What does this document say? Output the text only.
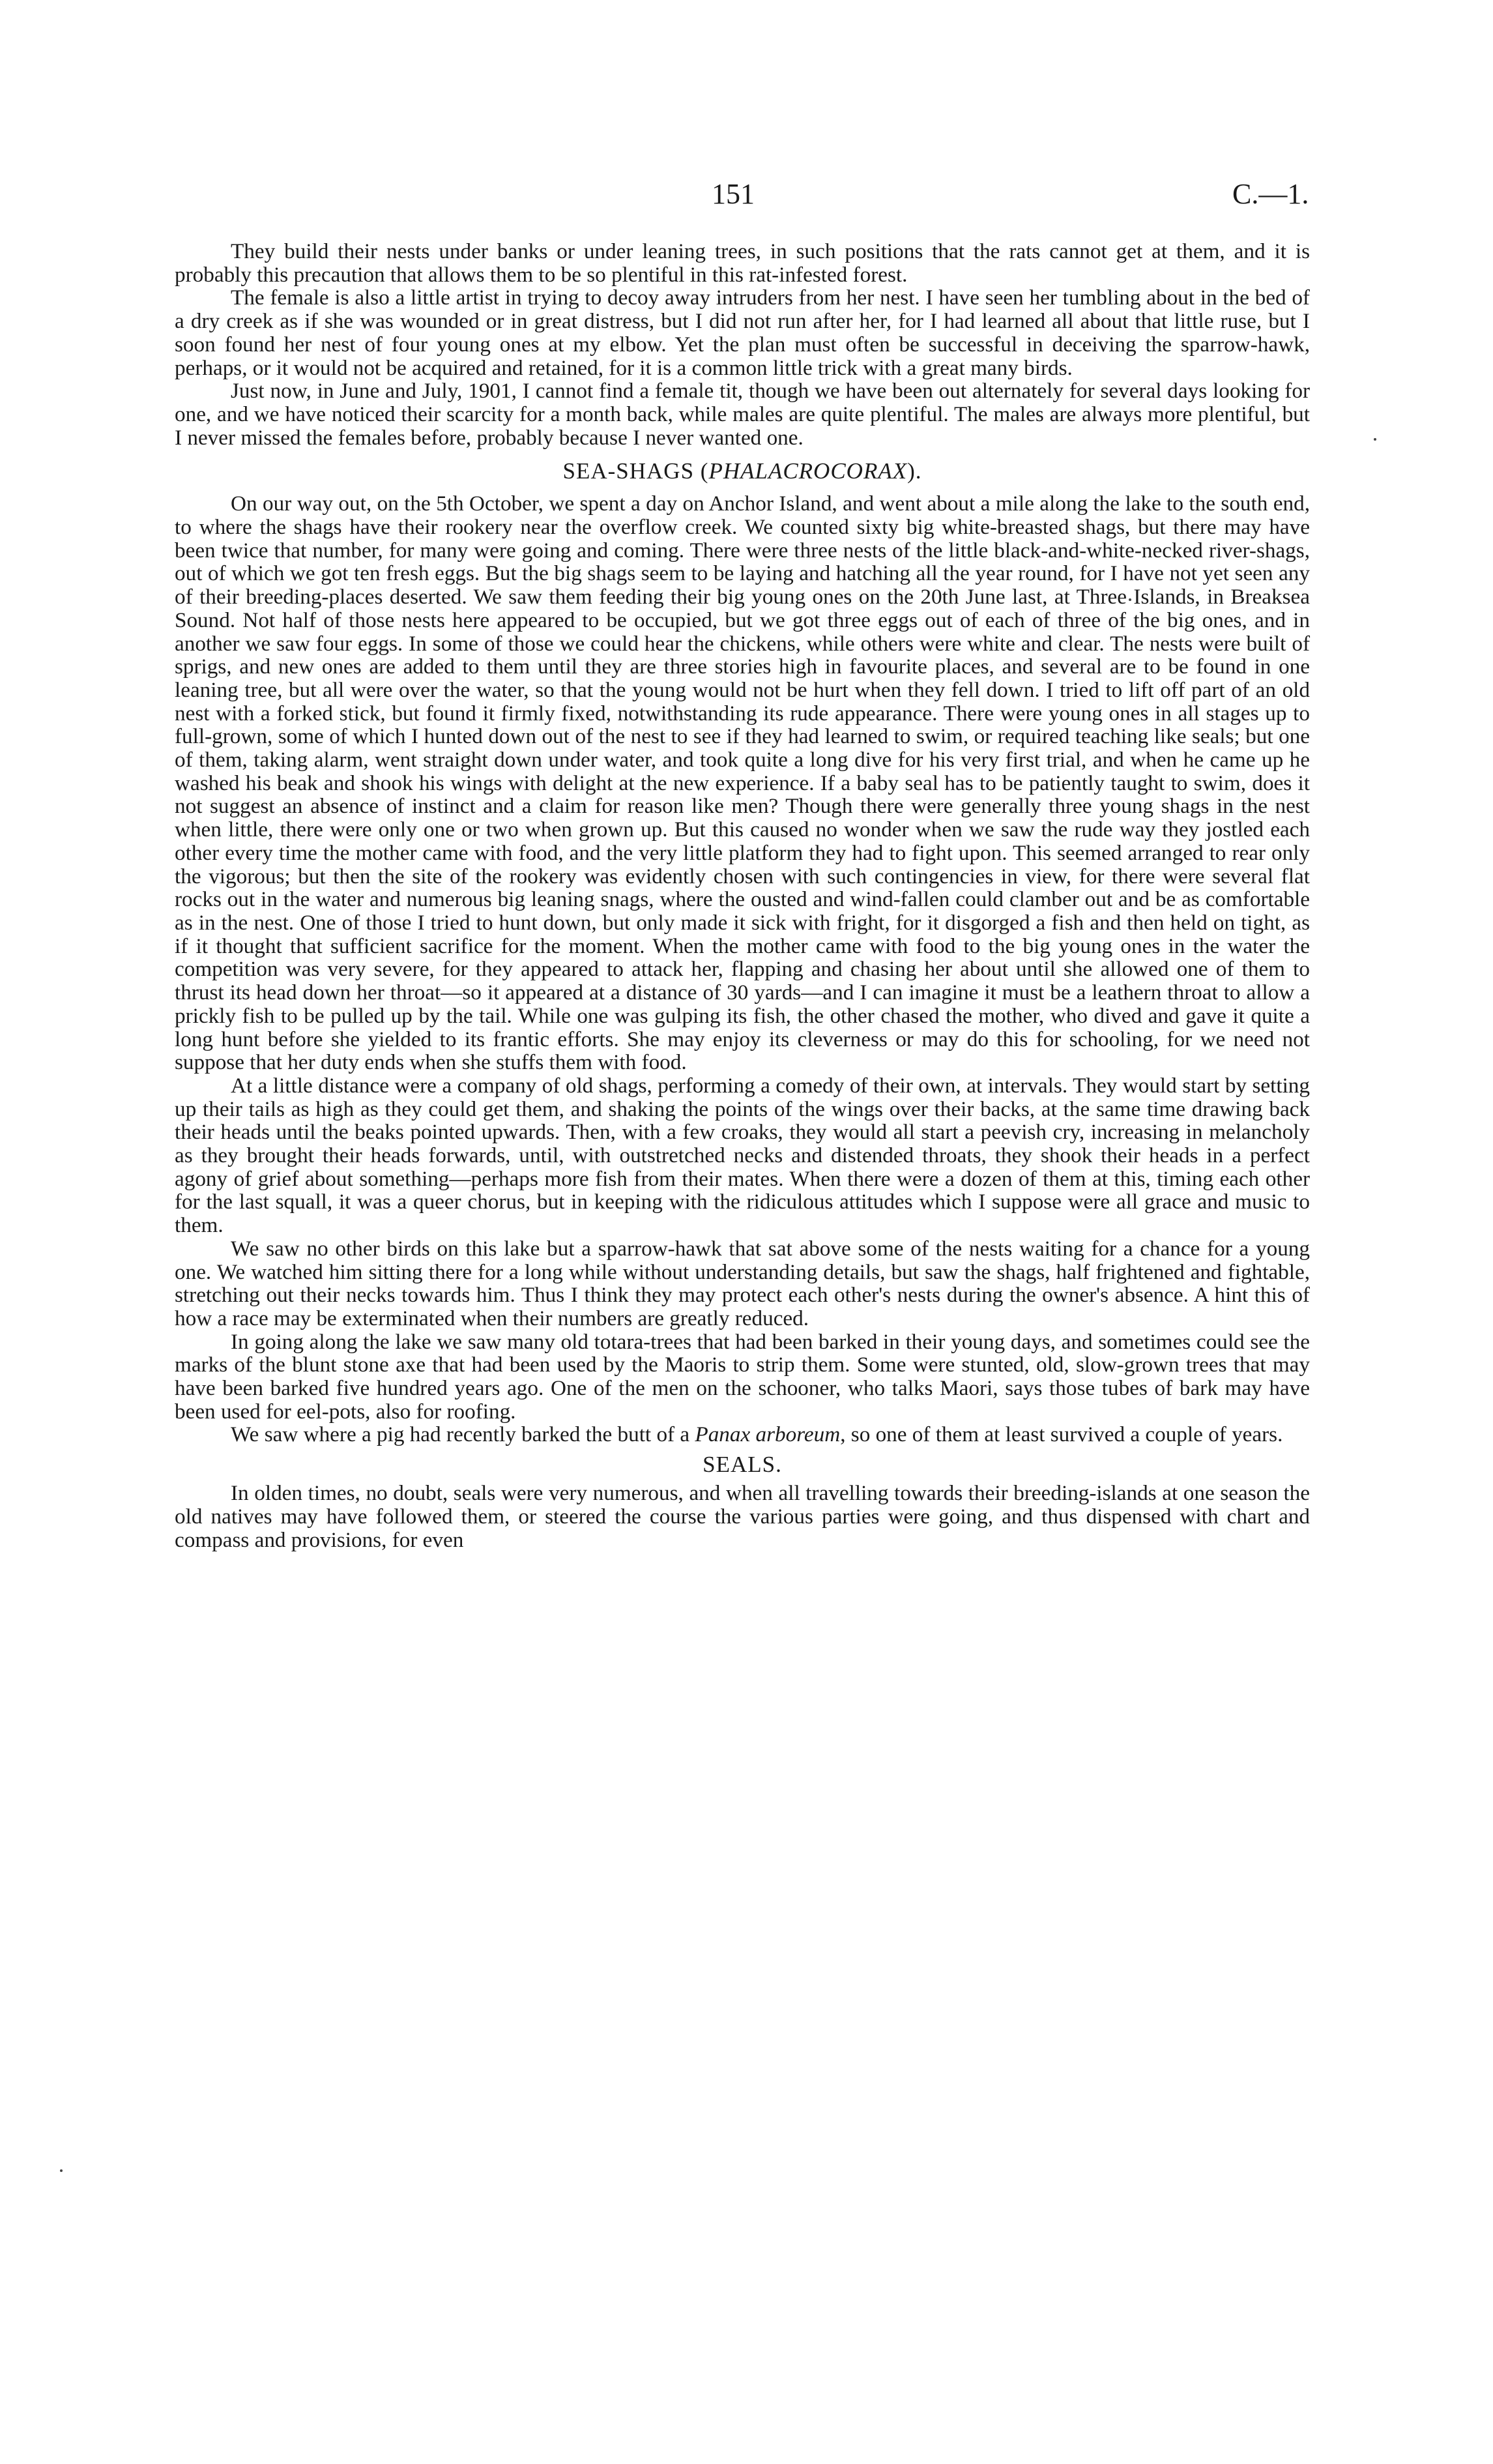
151	C.—1.

They build their nests under banks or under leaning trees, in such positions that the rats cannot get at them, and it is probably this precaution that allows them to be so plentiful in this rat-infested forest.

The female is also a little artist in trying to decoy away intruders from her nest. I have seen her tumbling about in the bed of a dry creek as if she was wounded or in great distress, but I did not run after her, for I had learned all about that little ruse, but I soon found her nest of four young ones at my elbow. Yet the plan must often be successful in deceiving the sparrow-hawk, perhaps, or it would not be acquired and retained, for it is a common little trick with a great many birds.

Just now, in June and July, 1901, I cannot find a female tit, though we have been out alternately for several days looking for one, and we have noticed their scarcity for a month back, while males are quite plentiful. The males are always more plentiful, but I never missed the females before, probably because I never wanted one.

SEA-SHAGS (PHALACROCORAX).

On our way out, on the 5th October, we spent a day on Anchor Island, and went about a mile along the lake to the south end, to where the shags have their rookery near the overflow creek. We counted sixty big white-breasted shags, but there may have been twice that number, for many were going and coming. There were three nests of the little black-and-white-necked river-shags, out of which we got ten fresh eggs. But the big shags seem to be laying and hatching all the year round, for I have not yet seen any of their breeding-places deserted. We saw them feeding their big young ones on the 20th June last, at Three Islands, in Breaksea Sound. Not half of those nests here appeared to be occupied, but we got three eggs out of each of three of the big ones, and in another we saw four eggs. In some of those we could hear the chickens, while others were white and clear. The nests were built of sprigs, and new ones are added to them until they are three stories high in favourite places, and several are to be found in one leaning tree, but all were over the water, so that the young would not be hurt when they fell down. I tried to lift off part of an old nest with a forked stick, but found it firmly fixed, notwithstanding its rude appearance. There were young ones in all stages up to full-grown, some of which I hunted down out of the nest to see if they had learned to swim, or required teaching like seals; but one of them, taking alarm, went straight down under water, and took quite a long dive for his very first trial, and when he came up he washed his beak and shook his wings with delight at the new experience. If a baby seal has to be patiently taught to swim, does it not suggest an absence of instinct and a claim for reason like men? Though there were generally three young shags in the nest when little, there were only one or two when grown up. But this caused no wonder when we saw the rude way they jostled each other every time the mother came with food, and the very little platform they had to fight upon. This seemed arranged to rear only the vigorous; but then the site of the rookery was evidently chosen with such contingencies in view, for there were several flat rocks out in the water and numerous big leaning snags, where the ousted and wind-fallen could clamber out and be as comfortable as in the nest. One of those I tried to hunt down, but only made it sick with fright, for it disgorged a fish and then held on tight, as if it thought that sufficient sacrifice for the moment. When the mother came with food to the big young ones in the water the competition was very severe, for they appeared to attack her, flapping and chasing her about until she allowed one of them to thrust its head down her throat—so it appeared at a distance of 30 yards—and I can imagine it must be a leathern throat to allow a prickly fish to be pulled up by the tail. While one was gulping its fish, the other chased the mother, who dived and gave it quite a long hunt before she yielded to its frantic efforts. She may enjoy its cleverness or may do this for schooling, for we need not suppose that her duty ends when she stuffs them with food.

At a little distance were a company of old shags, performing a comedy of their own, at intervals. They would start by setting up their tails as high as they could get them, and shaking the points of the wings over their backs, at the same time drawing back their heads until the beaks pointed upwards. Then, with a few croaks, they would all start a peevish cry, increasing in melancholy as they brought their heads forwards, until, with outstretched necks and distended throats, they shook their heads in a perfect agony of grief about something—perhaps more fish from their mates. When there were a dozen of them at this, timing each other for the last squall, it was a queer chorus, but in keeping with the ridiculous attitudes which I suppose were all grace and music to them.

We saw no other birds on this lake but a sparrow-hawk that sat above some of the nests waiting for a chance for a young one. We watched him sitting there for a long while without understanding details, but saw the shags, half frightened and fightable, stretching out their necks towards him. Thus I think they may protect each other's nests during the owner's absence. A hint this of how a race may be exterminated when their numbers are greatly reduced.

In going along the lake we saw many old totara-trees that had been barked in their young days, and sometimes could see the marks of the blunt stone axe that had been used by the Maoris to strip them. Some were stunted, old, slow-grown trees that may have been barked five hundred years ago. One of the men on the schooner, who talks Maori, says those tubes of bark may have been used for eel-pots, also for roofing.

We saw where a pig had recently barked the butt of a Panax arboreum, so one of them at least survived a couple of years.

SEALS.

In olden times, no doubt, seals were very numerous, and when all travelling towards their breeding-islands at one season the old natives may have followed them, or steered the course the various parties were going, and thus dispensed with chart and compass and provisions, for even
